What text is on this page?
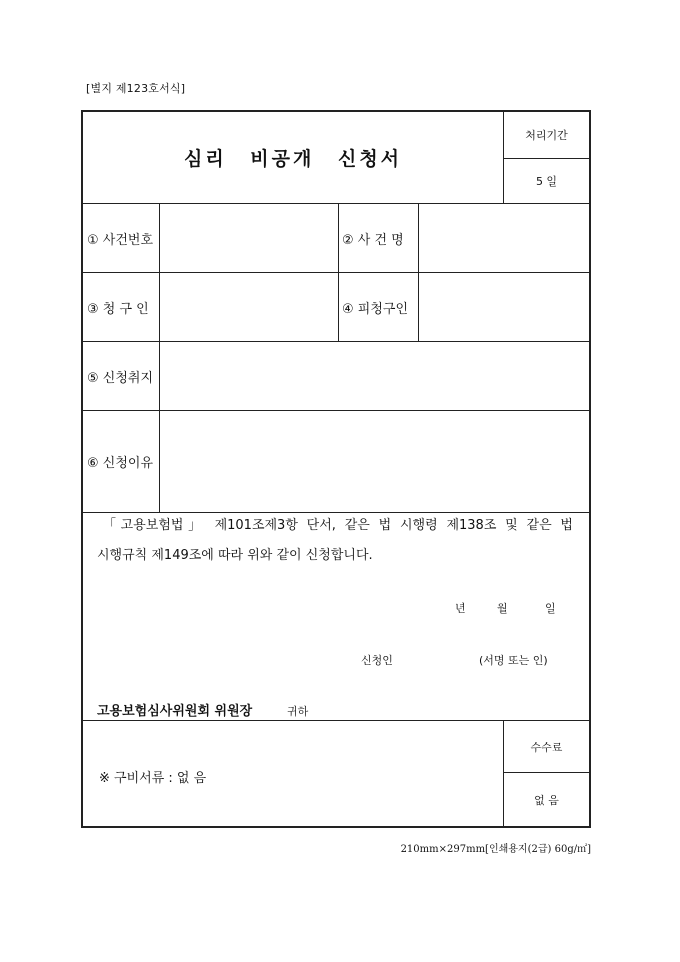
[별지 제123호서식]
심리 비공개 신청서
처리기간
5 일
① 사건번호	② 사 건 명
③ 청 구 인	④ 피청구인
⑤ 신청취지
⑥ 신청이유
「고용보험법」 제101조제3항 단서, 같은 법 시행령 제138조 및 같은 법
시행규칙 제149조에 따라 위와 같이 신청합니다.
년	월	일
신청인	(서명 또는 인)
고용보험심사위원회 위원장	귀하
※ 구비서류 : 없 음
수수료
없 음
210mm×297mm[인쇄용지(2급) 60g/㎡]
